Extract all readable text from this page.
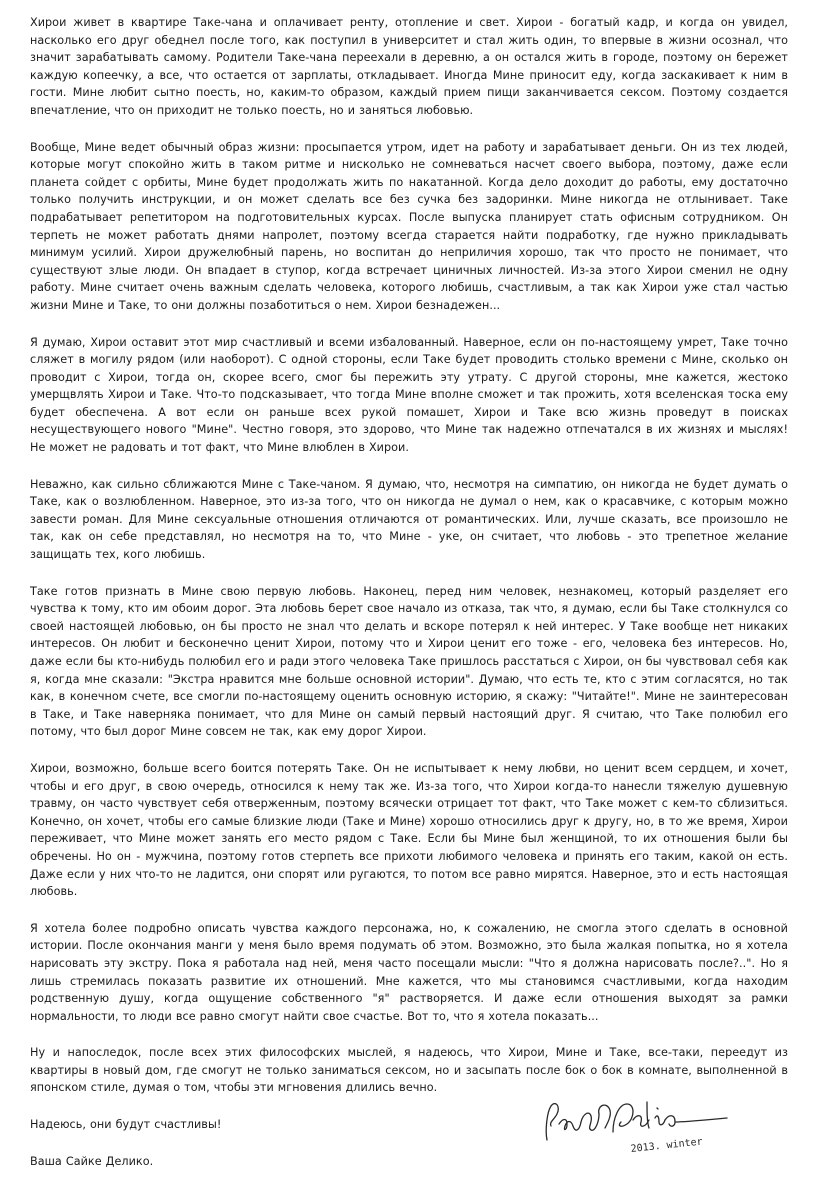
Хирои живет в квартире Таке-чана и оплачивает ренту, отопление и свет. Хирои - богатый кадр, и когда он увидел, насколько его друг обеднел после того, как поступил в университет и стал жить один, то впервые в жизни осознал, что значит зарабатывать самому. Родители Таке-чана переехали в деревню, а он остался жить в городе, поэтому он бережет каждую копеечку, а все, что остается от зарплаты, откладывает. Иногда Мине приносит еду, когда заскакивает к ним в гости. Мине любит сытно поесть, но, каким-то образом, каждый прием пищи заканчивается сексом. Поэтому создается впечатление, что он приходит не только поесть, но и заняться любовью.

Вообще, Мине ведет обычный образ жизни: просыпается утром, идет на работу и зарабатывает деньги. Он из тех людей, которые могут спокойно жить в таком ритме и нисколько не сомневаться насчет своего выбора, поэтому, даже если планета сойдет с орбиты, Мине будет продолжать жить по накатанной. Когда дело доходит до работы, ему достаточно только получить инструкции, и он может сделать все без сучка без задоринки. Мине никогда не отлынивает. Таке подрабатывает репетитором на подготовительных курсах. После выпуска планирует стать офисным сотрудником. Он терпеть не может работать днями напролет, поэтому всегда старается найти подработку, где нужно прикладывать минимум усилий. Хирои дружелюбный парень, но воспитан до неприличия хорошо, так что просто не понимает, что существуют злые люди. Он впадает в ступор, когда встречает циничных личностей. Из-за этого Хирои сменил не одну работу. Мине считает очень важным сделать человека, которого любишь, счастливым, а так как Хирои уже стал частью жизни Мине и Таке, то они должны позаботиться о нем. Хирои безнадежен...

Я думаю, Хирои оставит этот мир счастливый и всеми избалованный. Наверное, если он по-настоящему умрет, Таке точно сляжет в могилу рядом (или наоборот). С одной стороны, если Таке будет проводить столько времени с Мине, сколько он проводит с Хирои, тогда он, скорее всего, смог бы пережить эту утрату. С другой стороны, мне кажется, жестоко умерщвлять Хирои и Таке. Что-то подсказывает, что тогда Мине вполне сможет и так прожить, хотя вселенская тоска ему будет обеспечена. А вот если он раньше всех рукой помашет, Хирои и Таке всю жизнь проведут в поисках несуществующего нового "Мине". Честно говоря, это здорово, что Мине так надежно отпечатался в их жизнях и мыслях! Не может не радовать и тот факт, что Мине влюблен в Хирои.

Неважно, как сильно сближаются Мине с Таке-чаном. Я думаю, что, несмотря на симпатию, он никогда не будет думать о Таке, как о возлюбленном. Наверное, это из-за того, что он никогда не думал о нем, как о красавчике, с которым можно завести роман. Для Мине сексуальные отношения отличаются от романтических. Или, лучше сказать, все произошло не так, как он себе представлял, но несмотря на то, что Мине - уке, он считает, что любовь - это трепетное желание защищать тех, кого любишь.

Таке готов признать в Мине свою первую любовь. Наконец, перед ним человек, незнакомец, который разделяет его чувства к тому, кто им обоим дорог. Эта любовь берет свое начало из отказа, так что, я думаю, если бы Таке столкнулся со своей настоящей любовью, он бы просто не знал что делать и вскоре потерял к ней интерес. У Таке вообще нет никаких интересов. Он любит и бесконечно ценит Хирои, потому что и Хирои ценит его тоже - его, человека без интересов. Но, даже если бы кто-нибудь полюбил его и ради этого человека Таке пришлось расстаться с Хирои, он бы чувствовал себя как я, когда мне сказали: "Экстра нравится мне больше основной истории". Думаю, что есть те, кто с этим согласятся, но так как, в конечном счете, все смогли по-настоящему оценить основную историю, я скажу: "Читайте!". Мине не заинтересован в Таке, и Таке наверняка понимает, что для Мине он самый первый настоящий друг. Я считаю, что Таке полюбил его потому, что был дорог Мине совсем не так, как ему дорог Хирои.

Хирои, возможно, больше всего боится потерять Таке. Он не испытывает к нему любви, но ценит всем сердцем, и хочет, чтобы и его друг, в свою очередь, относился к нему так же. Из-за того, что Хирои когда-то нанесли тяжелую душевную травму, он часто чувствует себя отверженным, поэтому всячески отрицает тот факт, что Таке может с кем-то сблизиться. Конечно, он хочет, чтобы его самые близкие люди (Таке и Мине) хорошо относились друг к другу, но, в то же время, Хирои переживает, что Мине может занять его место рядом с Таке. Если бы Мине был женщиной, то их отношения были бы обречены. Но он - мужчина, поэтому готов стерпеть все прихоти любимого человека и принять его таким, какой он есть. Даже если у них что-то не ладится, они спорят или ругаются, то потом все равно мирятся. Наверное, это и есть настоящая любовь.

Я хотела более подробно описать чувства каждого персонажа, но, к сожалению, не смогла этого сделать в основной истории. После окончания манги у меня было время подумать об этом. Возможно, это была жалкая попытка, но я хотела нарисовать эту экстру. Пока я работала над ней, меня часто посещали мысли: "Что я должна нарисовать после?..". Но я лишь стремилась показать развитие их отношений. Мне кажется, что мы становимся счастливыми, когда находим родственную душу, когда ощущение собственного "я" растворяется. И даже если отношения выходят за рамки нормальности, то люди все равно смогут найти свое счастье. Вот то, что я хотела показать...

Ну и напоследок, после всех этих философских мыслей, я надеюсь, что Хирои, Мине и Таке, все-таки, переедут из квартиры в новый дом, где смогут не только заниматься сексом, но и засыпать после бок о бок в комнате, выполненной в японском стиле, думая о том, чтобы эти мгновения длились вечно.

Надеюсь, они будут счастливы!

Ваша Сайке Делико.

2013. winter
